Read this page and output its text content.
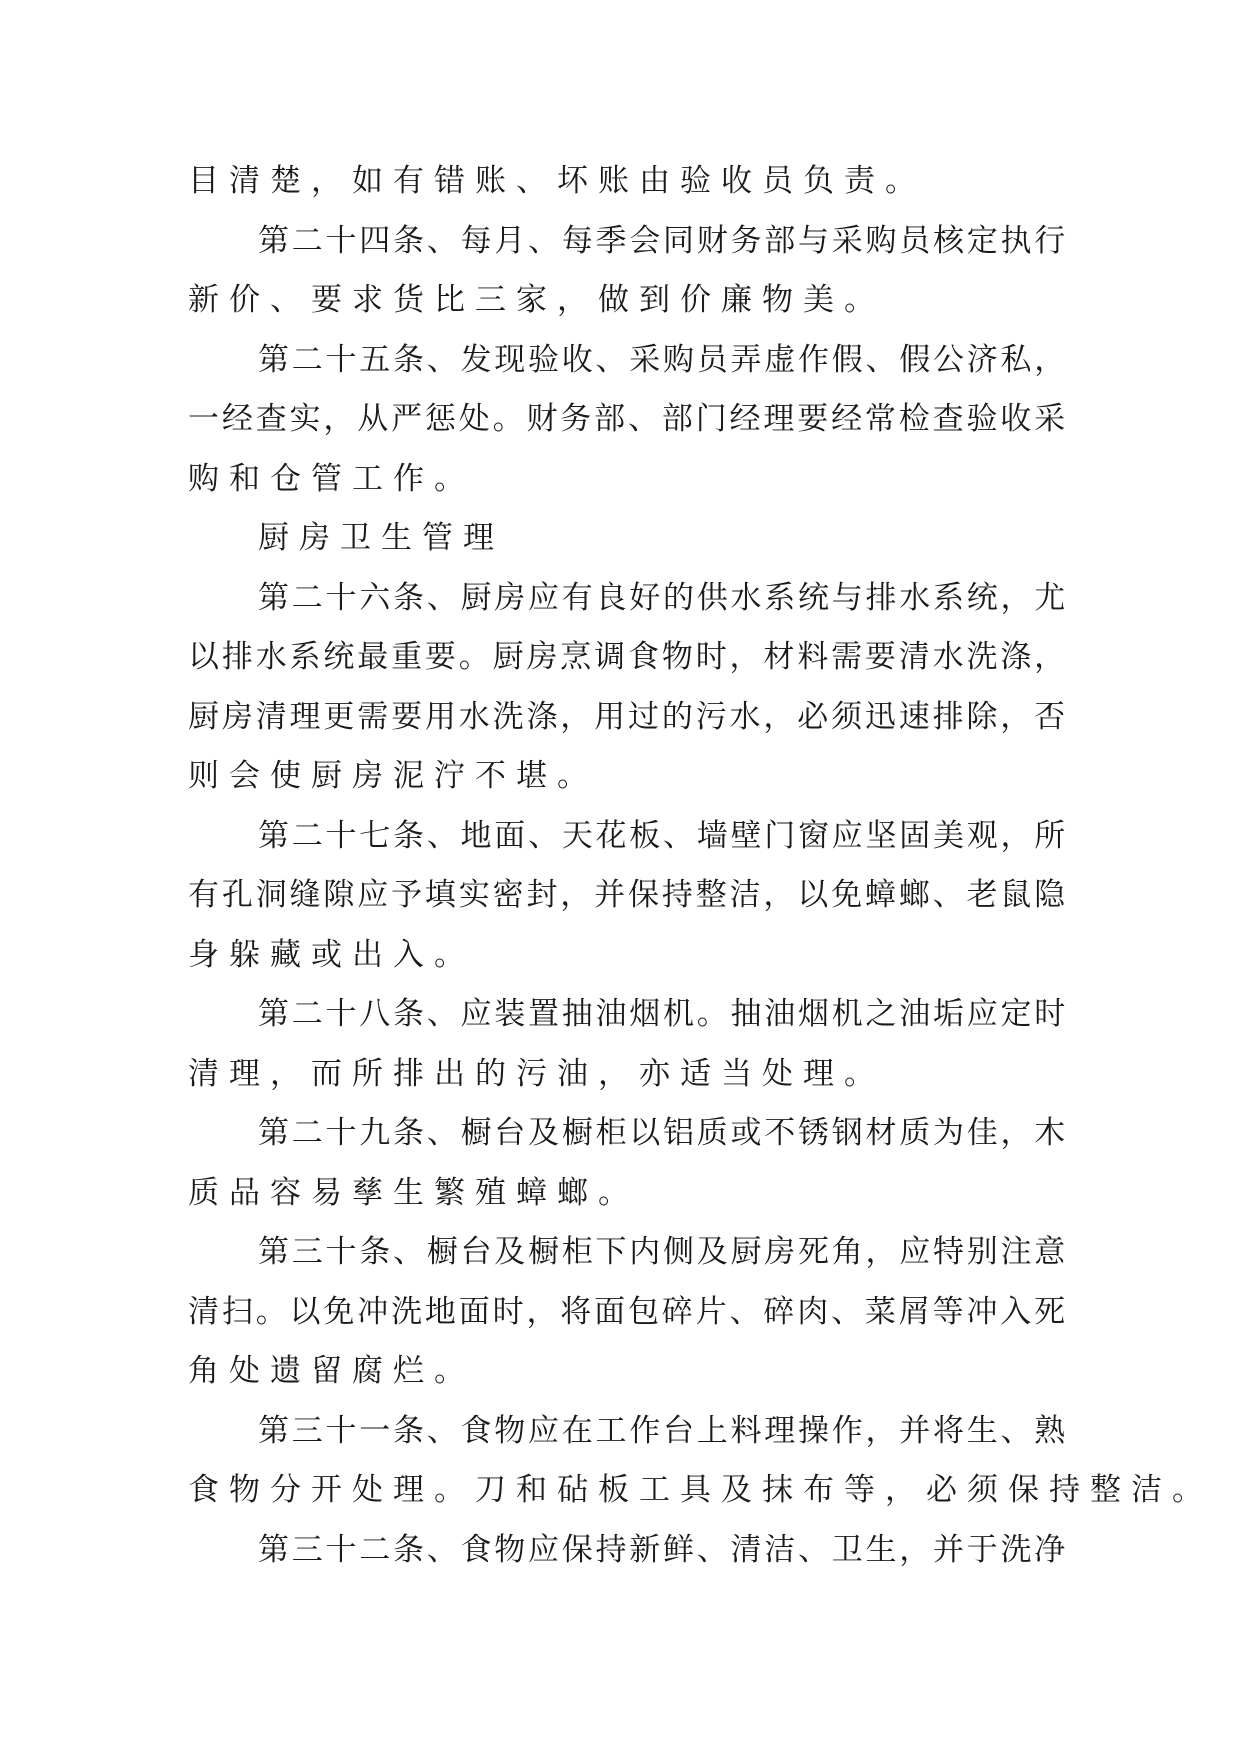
目清楚，如有错账、坏账由验收员负责。
第二十四条、每月、每季会同财务部与采购员核定执行
新价、要求货比三家，做到价廉物美。
第二十五条、发现验收、采购员弄虚作假、假公济私，
一经查实，从严惩处。财务部、部门经理要经常检查验收采
购和仓管工作。
厨房卫生管理
第二十六条、厨房应有良好的供水系统与排水系统，尤
以排水系统最重要。厨房烹调食物时，材料需要清水洗涤，
厨房清理更需要用水洗涤，用过的污水，必须迅速排除，否
则会使厨房泥泞不堪。
第二十七条、地面、天花板、墙壁门窗应坚固美观，所
有孔洞缝隙应予填实密封，并保持整洁，以免蟑螂、老鼠隐
身躲藏或出入。
第二十八条、应装置抽油烟机。抽油烟机之油垢应定时
清理，而所排出的污油，亦适当处理。
第二十九条、橱台及橱柜以铝质或不锈钢材质为佳，木
质品容易孳生繁殖蟑螂。
第三十条、橱台及橱柜下内侧及厨房死角，应特别注意
清扫。以免冲洗地面时，将面包碎片、碎肉、菜屑等冲入死
角处遗留腐烂。
第三十一条、食物应在工作台上料理操作，并将生、熟
食物分开处理。刀和砧板工具及抹布等，必须保持整洁。
第三十二条、食物应保持新鲜、清洁、卫生，并于洗净
